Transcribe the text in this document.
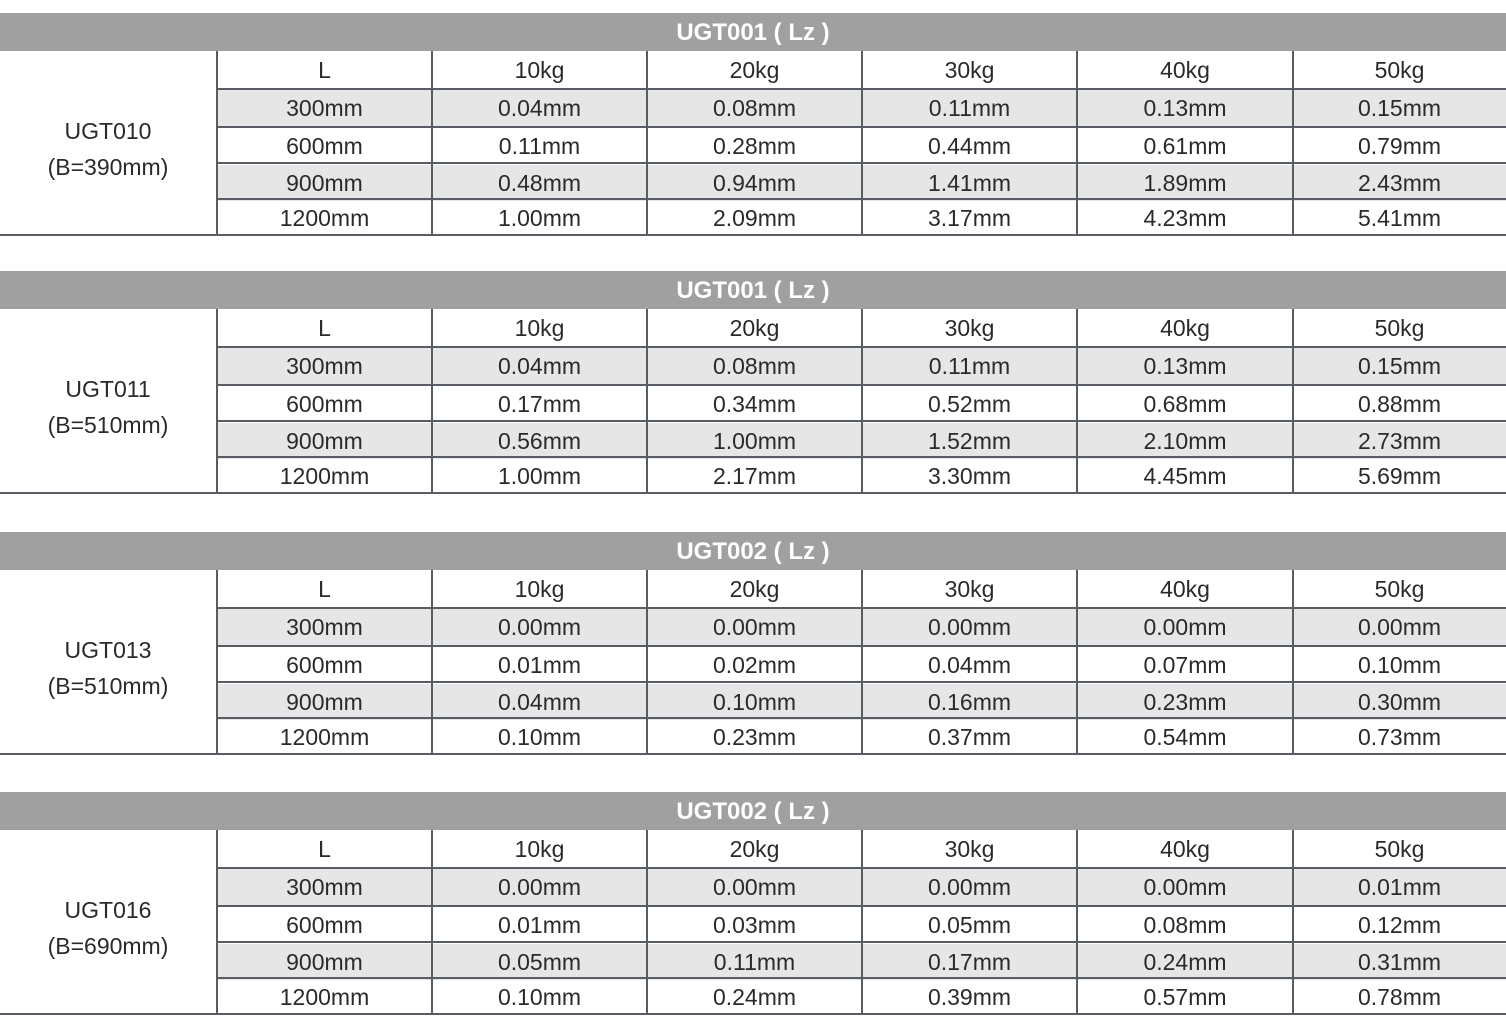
UGT001 ( Lz )
UGT010
(B=390mm)
L	10kg	20kg	30kg	40kg	50kg
300mm	0.04mm	0.08mm	0.11mm	0.13mm	0.15mm
600mm	0.11mm	0.28mm	0.44mm	0.61mm	0.79mm
900mm	0.48mm	0.94mm	1.41mm	1.89mm	2.43mm
1200mm	1.00mm	2.09mm	3.17mm	4.23mm	5.41mm
UGT001 ( Lz )
UGT011
(B=510mm)
L	10kg	20kg	30kg	40kg	50kg
300mm	0.04mm	0.08mm	0.11mm	0.13mm	0.15mm
600mm	0.17mm	0.34mm	0.52mm	0.68mm	0.88mm
900mm	0.56mm	1.00mm	1.52mm	2.10mm	2.73mm
1200mm	1.00mm	2.17mm	3.30mm	4.45mm	5.69mm
UGT002 ( Lz )
UGT013
(B=510mm)
L	10kg	20kg	30kg	40kg	50kg
300mm	0.00mm	0.00mm	0.00mm	0.00mm	0.00mm
600mm	0.01mm	0.02mm	0.04mm	0.07mm	0.10mm
900mm	0.04mm	0.10mm	0.16mm	0.23mm	0.30mm
1200mm	0.10mm	0.23mm	0.37mm	0.54mm	0.73mm
UGT002 ( Lz )
UGT016
(B=690mm)
L	10kg	20kg	30kg	40kg	50kg
300mm	0.00mm	0.00mm	0.00mm	0.00mm	0.01mm
600mm	0.01mm	0.03mm	0.05mm	0.08mm	0.12mm
900mm	0.05mm	0.11mm	0.17mm	0.24mm	0.31mm
1200mm	0.10mm	0.24mm	0.39mm	0.57mm	0.78mm
